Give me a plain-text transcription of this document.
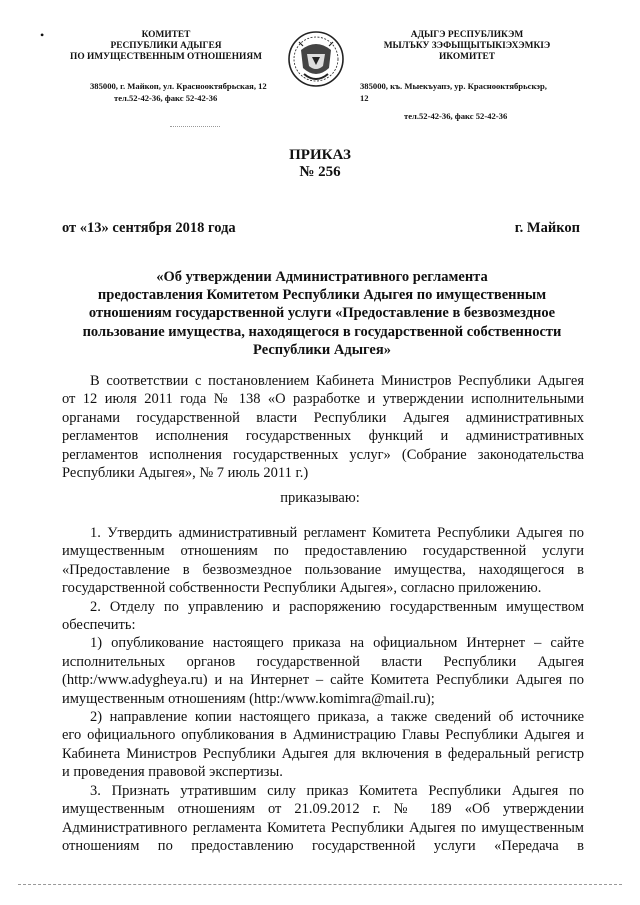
•	КОМИТЕТ
РЕСПУБЛИКИ АДЫГЕЯ
ПО ИМУЩЕСТВЕННЫМ ОТНОШЕНИЯМ
385000, г. Майкоп, ул. Краснооктябрьская, 12
тел.52-42-36, факс 52-42-36
АДЫГЭ РЕСПУБЛИКЭМ
МЫЛЪКУ ЗЭФЫЩЫТЫКIЭХЭМКIЭ
ИКОМИТЕТ
385000, къ. Мыекъуапэ, ур. Краснооктябрьскэр,
12
тел.52-42-36, факс 52-42-36
ПРИКАЗ
№ 256
от «13» сентября 2018 года	г. Майкоп
«Об утверждении Административного регламента
предоставления Комитетом Республики Адыгея по имущественным
отношениям государственной услуги «Предоставление в безвозмездное
пользование имущества, находящегося в государственной собственности
Республики Адыгея»
В соответствии с постановлением Кабинета Министров Республики Адыгея
от 12 июля 2011 года № 138 «О разработке и утверждении исполнительными
органами государственной власти Республики Адыгея административных
регламентов исполнения государственных функций и административных
регламентов исполнения государственных услуг» (Собрание законодательства
Республики Адыгея», № 7 июль 2011 г.)
приказываю:
1. Утвердить административный регламент Комитета Республики Адыгея по
имущественным отношениям по предоставлению государственной услуги
«Предоставление в безвозмездное пользование имущества, находящегося в
государственной собственности Республики Адыгея», согласно приложению.
2. Отделу по управлению и распоряжению государственным имуществом
обеспечить:
1) опубликование настоящего приказа на официальном Интернет – сайте
исполнительных органов государственной власти Республики Адыгея
(http:/www.adygheya.ru) и на Интернет – сайте Комитета Республики Адыгея по
имущественным отношениям (http:/www.komimra@mail.ru);
2) направление копии настоящего приказа, а также сведений об источнике
его официального опубликования в Администрацию Главы Республики Адыгея и
Кабинета Министров Республики Адыгея для включения в федеральный регистр
и проведения правовой экспертизы.
3. Признать утратившим силу приказ Комитета Республики Адыгея по
имущественным отношениям от 21.09.2012 г. № 189 «Об утверждении
Административного регламента Комитета Республики Адыгея по имущественным
отношениям по предоставлению государственной услуги «Передача в
